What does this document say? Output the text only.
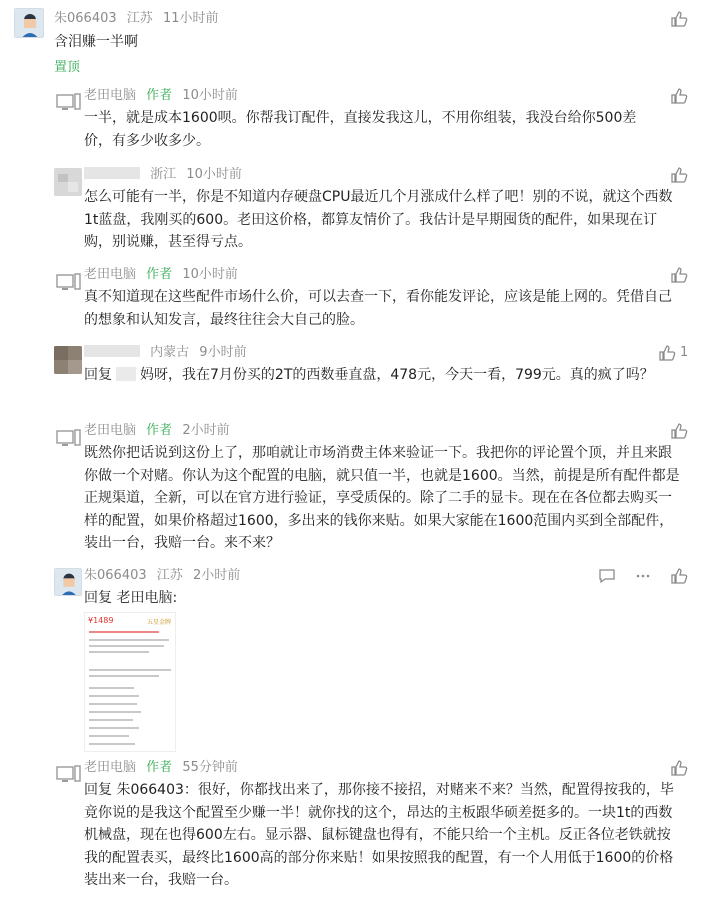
朱066403 江苏 11小时前
含泪赚一半啊
置顶
老田电脑 作者 10小时前
一半，就是成本1600呗。你帮我订配件，直接发我这儿，不用你组装，我没台给你500差价，有多少收多少。
浙江 10小时前
怎么可能有一半，你是不知道内存硬盘CPU最近几个月涨成什么样了吧！别的不说，就这个西数1t蓝盘，我刚买的600。老田这价格，都算友情价了。我估计是早期囤货的配件，如果现在订购，别说赚，甚至得亏点。
老田电脑 作者 10小时前
真不知道现在这些配件市场什么价，可以去查一下，看你能发评论，应该是能上网的。凭借自己的想象和认知发言，最终往往会大自己的脸。
内蒙古 9小时前
回复 妈呀，我在7月份买的2T的西数垂直盘，478元，今天一看，799元。真的疯了吗？
1
老田电脑 作者 2小时前
既然你把话说到这份上了，那咱就让市场消费主体来验证一下。我把你的评论置个顶，并且来跟你做一个对赌。你认为这个配置的电脑，就只值一半，也就是1600。当然，前提是所有配件都是正规渠道，全新，可以在官方进行验证，享受质保的。除了二手的显卡。现在在各位都去购买一样的配置，如果价格超过1600，多出来的钱你来贴。如果大家能在1600范围内买到全部配件，装出一台，我赔一台。来不来？
朱066403 江苏 2小时前
回复 老田电脑:
¥1489	五星金牌
老田电脑 作者 55分钟前
回复 朱066403：很好，你都找出来了，那你接不接招，对赌来不来？当然，配置得按我的，毕竟你说的是我这个配置至少赚一半！就你找的这个，昂达的主板跟华硕差挺多的。一块1t的西数机械盘，现在也得600左右。显示器、鼠标键盘也得有，不能只给一个主机。反正各位老铁就按我的配置表买，最终比1600高的部分你来贴！如果按照我的配置，有一个人用低于1600的价格装出来一台，我赔一台。
